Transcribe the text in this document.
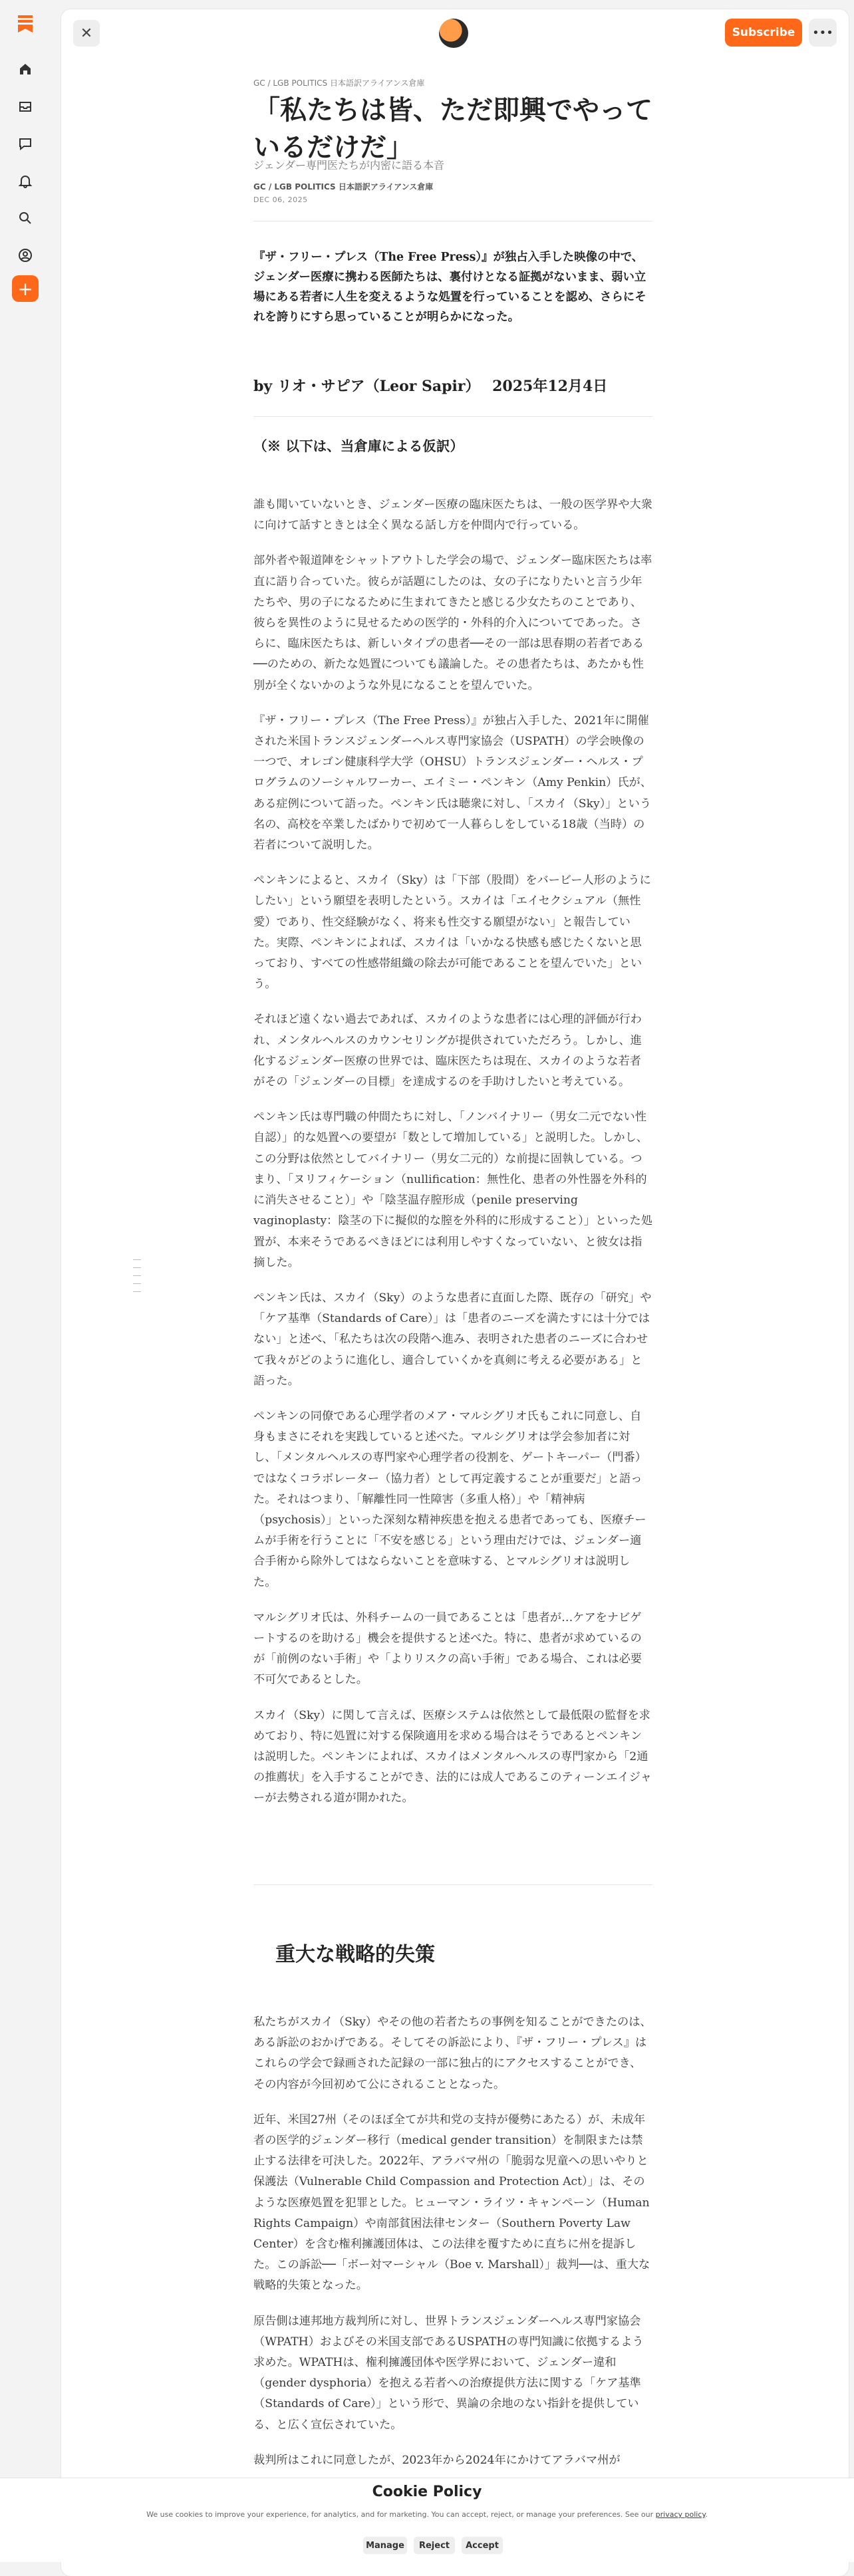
+
✕	Subscribe	•••
GC / LGB POLITICS 日本語訳アライアンス倉庫
「私たちは皆、ただ即興でやっているだけだ」
ジェンダー専門医たちが内密に語る本音
GC / LGB POLITICS 日本語訳アライアンス倉庫
DEC 06, 2025

『ザ・フリー・プレス（The Free Press）』が独占入手した映像の中で、ジェンダー医療に携わる医師たちは、裏付けとなる証拠がないまま、弱い立場にある若者に人生を変えるような処置を行っていることを認め、さらにそれを誇りにすら思っていることが明らかになった。

by リオ・サピア（Leor Sapir）　 2025年12月4日
（※ 以下は、当倉庫による仮訳）

誰も聞いていないとき、ジェンダー医療の臨床医たちは、一般の医学界や大衆に向けて話すときとは全く異なる話し方を仲間内で行っている。

部外者や報道陣をシャットアウトした学会の場で、ジェンダー臨床医たちは率直に語り合っていた。彼らが話題にしたのは、女の子になりたいと言う少年たちや、男の子になるために生まれてきたと感じる少女たちのことであり、彼らを異性のように見せるための医学的・外科的介入についてであった。さらに、臨床医たちは、新しいタイプの患者──その一部は思春期の若者である──のための、新たな処置についても議論した。その患者たちは、あたかも性別が全くないかのような外見になることを望んでいた。

『ザ・フリー・プレス（The Free Press）』が独占入手した、2021年に開催された米国トランスジェンダーヘルス専門家協会（USPATH）の学会映像の一つで、オレゴン健康科学大学（OHSU）トランスジェンダー・ヘルス・プログラムのソーシャルワーカー、エイミー・ペンキン（Amy Penkin）氏が、ある症例について語った。ペンキン氏は聴衆に対し、「スカイ（Sky）」という名の、高校を卒業したばかりで初めて一人暮らしをしている18歳（当時）の若者について説明した。

ペンキンによると、スカイ（Sky）は「下部（股間）をバービー人形のようにしたい」という願望を表明したという。スカイは「エイセクシュアル（無性愛）であり、性交経験がなく、将来も性交する願望がない」と報告していた。実際、ペンキンによれば、スカイは「いかなる快感も感じたくないと思っており、すべての性感帯組織の除去が可能であることを望んでいた」という。

それほど遠くない過去であれば、スカイのような患者には心理的評価が行われ、メンタルヘルスのカウンセリングが提供されていただろう。しかし、進化するジェンダー医療の世界では、臨床医たちは現在、スカイのような若者がその「ジェンダーの目標」を達成するのを手助けしたいと考えている。

ペンキン氏は専門職の仲間たちに対し、「ノンバイナリー（男女二元でない性自認）」的な処置への要望が「数として増加している」と説明した。しかし、この分野は依然としてバイナリー（男女二元的）な前提に固執している。つまり、「ヌリフィケーション（nullification：無性化、患者の外性器を外科的に消失させること）」や「陰茎温存膣形成（penile preserving vaginoplasty：陰茎の下に擬似的な膣を外科的に形成すること）」といった処置が、本来そうであるべきほどには利用しやすくなっていない、と彼女は指摘した。

ペンキン氏は、スカイ（Sky）のような患者に直面した際、既存の「研究」や「ケア基準（Standards of Care）」は「患者のニーズを満たすには十分ではない」と述べ、「私たちは次の段階へ進み、表明された患者のニーズに合わせて我々がどのように進化し、適合していくかを真剣に考える必要がある」と語った。

ペンキンの同僚である心理学者のメア・マルシグリオ氏もこれに同意し、自身もまさにそれを実践していると述べた。マルシグリオは学会参加者に対し、「メンタルヘルスの専門家や心理学者の役割を、ゲートキーパー（門番）ではなくコラボレーター（協力者）として再定義することが重要だ」と語った。それはつまり、「解離性同一性障害（多重人格）」や「精神病（psychosis）」といった深刻な精神疾患を抱える患者であっても、医療チームが手術を行うことに「不安を感じる」という理由だけでは、ジェンダー適合手術から除外してはならないことを意味する、とマルシグリオは説明した。

マルシグリオ氏は、外科チームの一員であることは「患者が…ケアをナビゲートするのを助ける」機会を提供すると述べた。特に、患者が求めているのが「前例のない手術」や「よりリスクの高い手術」である場合、これは必要不可欠であるとした。

スカイ（Sky）に関して言えば、医療システムは依然として最低限の監督を求めており、特に処置に対する保険適用を求める場合はそうであるとペンキンは説明した。ペンキンによれば、スカイはメンタルヘルスの専門家から「2通の推薦状」を入手することができ、法的には成人であるこのティーンエイジャーが去勢される道が開かれた。

重大な戦略的失策

私たちがスカイ（Sky）やその他の若者たちの事例を知ることができたのは、ある訴訟のおかげである。そしてその訴訟により、『ザ・フリー・プレス』はこれらの学会で録画された記録の一部に独占的にアクセスすることができ、その内容が今回初めて公にされることとなった。

近年、米国27州（そのほぼ全てが共和党の支持が優勢にあたる）が、未成年者の医学的ジェンダー移行（medical gender transition）を制限または禁止する法律を可決した。2022年、アラバマ州の「脆弱な児童への思いやりと保護法（Vulnerable Child Compassion and Protection Act）」は、そのような医療処置を犯罪とした。ヒューマン・ライツ・キャンペーン（Human Rights Campaign）や南部貧困法律センター（Southern Poverty Law Center）を含む権利擁護団体は、この法律を覆すために直ちに州を提訴した。この訴訟──「ボー対マーシャル（Boe v. Marshall）」裁判──は、重大な戦略的失策となった。

原告側は連邦地方裁判所に対し、世界トランスジェンダーヘルス専門家協会（WPATH）およびその米国支部であるUSPATHの専門知識に依拠するよう求めた。WPATHは、権利擁護団体や医学界において、ジェンダー違和（gender dysphoria）を抱える若者への治療提供方法に関する「ケア基準（Standards of Care）」という形で、異論の余地のない指針を提供している、と広く宣伝されていた。

裁判所はこれに同意したが、2023年から2024年にかけてアラバマ州が

Cookie Policy
We use cookies to improve your experience, for analytics, and for marketing. You can accept, reject, or manage your preferences. See our privacy policy.
Manage	Reject	Accept
